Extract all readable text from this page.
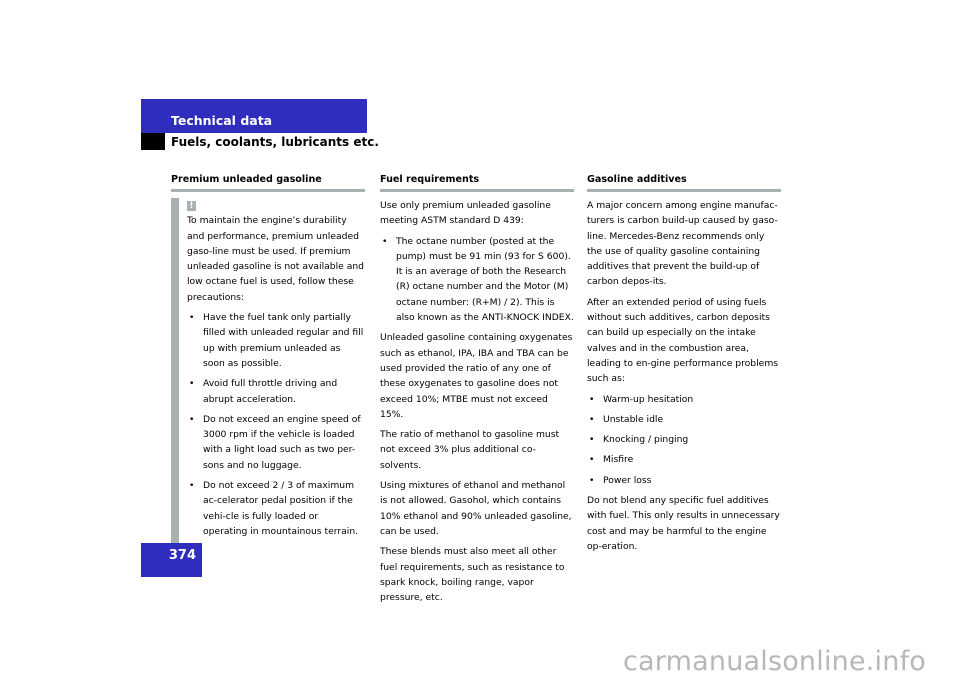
Technical data
Fuels, coolants, lubricants etc.
Premium unleaded gasoline
!

To maintain the engine’s durability and performance, premium unleaded gaso-line must be used. If premium unleaded gasoline is not available and low octane fuel is used, follow these precautions:

• Have the fuel tank only partially filled with unleaded regular and fill up with premium unleaded as soon as possible.
• Avoid full throttle driving and abrupt acceleration.
• Do not exceed an engine speed of 3000 rpm if the vehicle is loaded with a light load such as two per-sons and no luggage.
• Do not exceed 2 / 3 of maximum ac-celerator pedal position if the vehi-cle is fully loaded or operating in mountainous terrain.
Fuel requirements

Use only premium unleaded gasoline meeting ASTM standard D 439:

• The octane number (posted at the pump) must be 91 min (93 for S 600). It is an average of both the Research (R) octane number and the Motor (M) octane number: (R+M) / 2). This is also known as the ANTI-KNOCK INDEX.

Unleaded gasoline containing oxygenates such as ethanol, IPA, IBA and TBA can be used provided the ratio of any one of these oxygenates to gasoline does not exceed 10%; MTBE must not exceed 15%.

The ratio of methanol to gasoline must not exceed 3% plus additional co-solvents.

Using mixtures of ethanol and methanol is not allowed. Gasohol, which contains 10% ethanol and 90% unleaded gasoline, can be used.

These blends must also meet all other fuel requirements, such as resistance to spark knock, boiling range, vapor pressure, etc.

Gasoline additives

A major concern among engine manufac-turers is carbon build-up caused by gaso-line. Mercedes-Benz recommends only the use of quality gasoline containing additives that prevent the build-up of carbon depos-its.

After an extended period of using fuels without such additives, carbon deposits can build up especially on the intake valves and in the combustion area, leading to en-gine performance problems such as:

• Warm-up hesitation
• Unstable idle
• Knocking / pinging
• Misfire
• Power loss

Do not blend any specific fuel additives with fuel. This only results in unnecessary cost and may be harmful to the engine op-eration.

374
carmanualsonline.info
